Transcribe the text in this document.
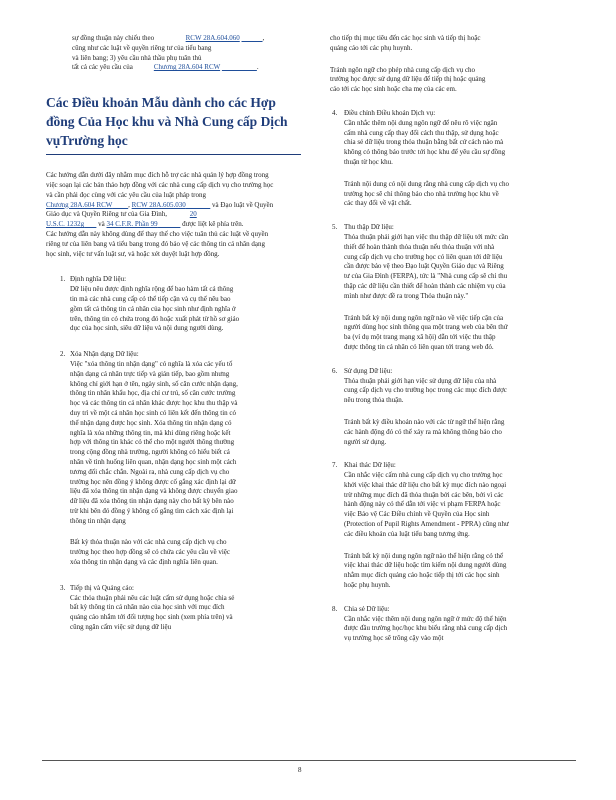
sự đồng thuận này chiếu theo	RCW 28A.604.060	,

cũng như các luật về quyền riêng tư của tiểu bang

và liên bang; 3) yêu cầu nhà thầu phụ tuân thủ

tất cả các yêu cầu của	Chương 28A.604 RCW	.

Các Điều khoản Mẫu dành cho các Hợp đồng Của Học khu và Nhà Cung cấp Dịch vụTrường học
Các hướng dẫn dưới đây nhằm mục đích hỗ trợ các nhà quản lý hợp đồng trong việc soạn lại các bản thảo hợp đồng với các nhà cung cấp dịch vụ cho trường học và cần phải đọc cùng với các yêu cầu của luật pháp trong
Chương 28A.604 RCW , RCW 28A.605.030	và Đạo luật về Quyền Giáo dục và Quyền Riêng tư của Gia Đình,	20
U.S.C. 1232g và 34 C.F.R. Phần 99	được liệt kê phía trên.
Các hướng dẫn này không dùng để thay thế cho việc tuân thủ các luật về quyền riêng tư của liên bang và tiểu bang trong đó bảo vệ các thông tin cá nhân dạng học sinh, việc tư vấn luật sư, và hoặc xét duyệt luật hợp đồng.
1. Định nghĩa Dữ liệu:

Dữ liệu nêu được định nghĩa rộng để bao hàm tất cả thông tin mà các nhà cung cấp có thể tiếp cận và cụ thể nêu bao gồm tất cả thông tin cá nhân của học sinh như định nghĩa ở trên, thông tin có chứa trong đó hoặc xuất phát từ hồ sơ giáo dục của học sinh, siêu dữ liệu và nội dung người dùng.

2. Xóa Nhận dạng Dữ liệu:

Việc "xóa thông tin nhận dạng" có nghĩa là xóa các yếu tố nhận dạng cá nhân trực tiếp và gián tiếp, bao gồm nhưng không chỉ giới hạn ở tên, ngày sinh, số căn cước nhận dạng, thông tin nhân khẩu học, địa chỉ cư trú, số căn cước trường học và các thông tin cá nhân khác được học khu thu thập và duy trì về một cá nhân học sinh có liên kết đến thông tin có thể nhận dạng được học sinh. Xóa thông tin nhận dạng có nghĩa là xóa những thông tin, mà khi dùng riêng hoặc kết hợp với thông tin khác có thể cho một người thông thường trong cộng đồng nhà trường, người không có hiểu biết cá nhân về tình huống liên quan, nhận dạng học sinh một cách tương đối chắc chắn. Ngoài ra, nhà cung cấp dịch vụ cho trường học nên đồng ý không được cố gắng xác định lại dữ liệu đã xóa thông tin nhận dạng và không được chuyển giao dữ liệu đã xóa thông tin nhận dạng này cho bất kỳ bên nào trừ khi bên đó đồng ý không cố gắng tìm cách xác định lại thông tin nhận dạng

Bất kỳ thỏa thuận nào với các nhà cung cấp dịch vụ cho trường học theo hợp đồng sẽ có chứa các yêu cầu về việc xóa thông tin nhận dạng và các định nghĩa liên quan.

3. Tiếp thị và Quảng cáo:

Các thỏa thuận phải nêu các luật cấm sử dụng hoặc chia sẻ bất kỳ thông tin cá nhân nào của học sinh với mục đích quảng cáo nhắm tới đối tượng học sinh (xem phía trên) và cũng ngăn cấm việc sử dụng dữ liệu

cho tiếp thị mục tiêu đến các học sinh và tiếp thị hoặc quảng cáo tới các phụ huynh.

Tránh ngôn ngữ cho phép nhà cung cấp dịch vụ cho trường học được sử dụng dữ liệu để tiếp thị hoặc quảng cáo tới các học sinh hoặc cha mẹ của các em.

4. Điều chỉnh Điều khoản Dịch vụ:

Cần nhắc thêm nội dung ngôn ngữ để nêu rõ việc ngăn cấm nhà cung cấp thay đổi cách thu thập, sử dụng hoặc chia sẻ dữ liệu trong thỏa thuận bằng bất cứ cách nào mà không có thông báo trước tới học khu để yêu cầu sự đồng thuận từ học khu.

Tránh nội dung có nội dung rằng nhà cung cấp dịch vụ cho trường học sẽ chỉ thông báo cho nhà trường học khu về các thay đổi về vật chất.

5. Thu thập Dữ liệu:

Thỏa thuận phải giới hạn việc thu thập dữ liệu tới mức cần thiết để hoàn thành thỏa thuận nếu thỏa thuận với nhà cung cấp dịch vụ cho trường học có liên quan tới dữ liệu cần được bảo vệ theo Đạo luật Quyền Giáo dục và Riêng tư của Gia Đình (FERPA), tức là "Nhà cung cấp sẽ chỉ thu thập các dữ liệu cần thiết để hoàn thành các nhiệm vụ của mình như được đề ra trong Thỏa thuận này."

Tránh bất kỳ nội dung ngôn ngữ nào về việc tiếp cận của người dùng học sinh thông qua một trang web của bên thứ ba (ví dụ một trang mạng xã hội) dẫn tới việc thu thập được thông tin cá nhân có liên quan tới trang web đó.

6. Sử dụng Dữ liệu:

Thỏa thuận phải giới hạn việc sử dụng dữ liệu của nhà cung cấp dịch vụ cho trường học trong các mục đích được nêu trong thỏa thuận.

Tránh bất kỳ điều khoản nào với các từ ngữ thể hiện rằng các hành động đó có thể xảy ra mà không thông báo cho người sử dụng.

7. Khai thác Dữ liệu:

Cần nhắc việc cấm nhà cung cấp dịch vụ cho trường học khởi việc khai thác dữ liệu cho bất kỳ mục đích nào ngoại trừ những mục đích đã thỏa thuận bởi các bên, bởi vì các hành động này có thể dẫn tới việc vi phạm FERPA hoặc việc Bảo vệ Các Điều chỉnh về Quyền của Học sinh (Protection of Pupil Rights Amendment - PPRA) cũng như các điều khoản của luật tiểu bang tương ứng.

Tránh bất kỳ nội dung ngôn ngữ nào thể hiện rằng có thể việc khai thác dữ liệu hoặc tìm kiếm nội dung người dùng nhằm mục đích quảng cáo hoặc tiếp thị tới các học sinh hoặc phụ huynh.

8. Chia sẻ Dữ liệu:

Cần nhắc việc thêm nội dung ngôn ngữ ở mức độ thể hiện được đầu trường học/học khu biểu rằng nhà cung cấp dịch vụ trường học sẽ trông cậy vào một

8
